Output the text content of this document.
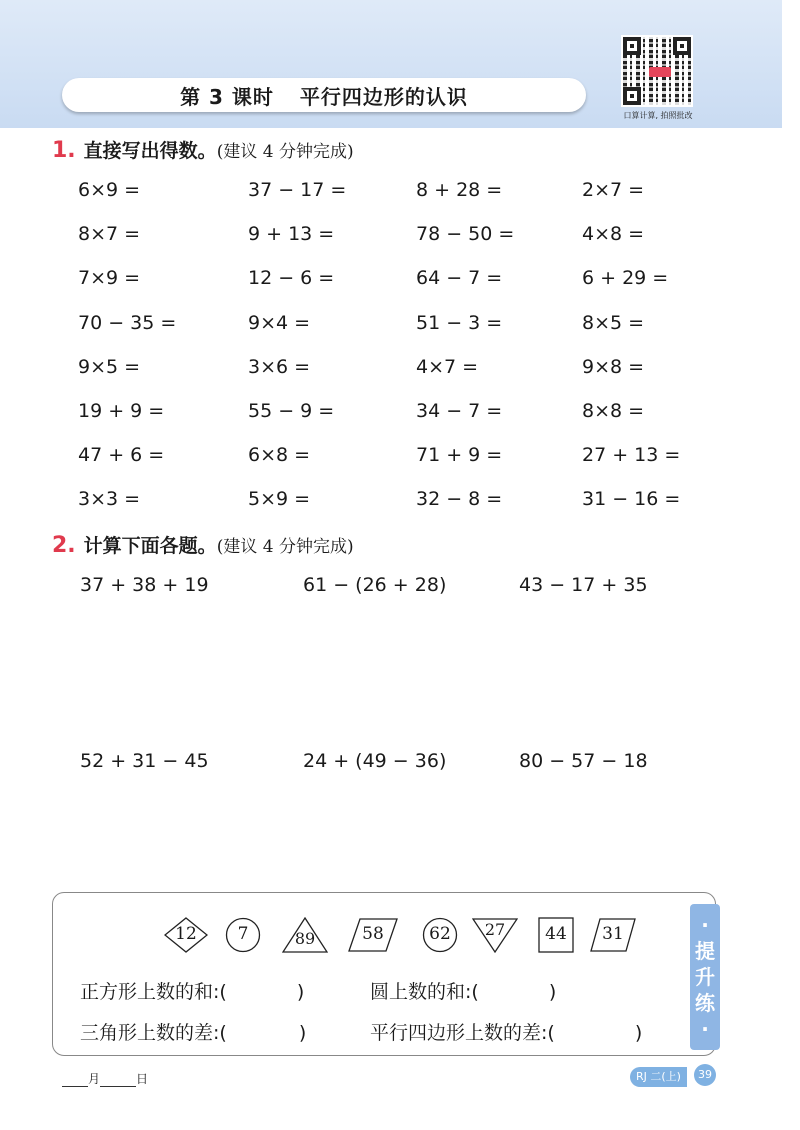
第 3 课时 平行四边形的认识
口算计算, 拍照批改
1. 直接写出得数。 (建议 4 分钟完成)
6×9 =	37 − 17 =	8 + 28 =	2×7 =
8×7 =	9 + 13 =	78 − 50 =	4×8 =
7×9 =	12 − 6 =	64 − 7 =	6 + 29 =
70 − 35 =	9×4 =	51 − 3 =	8×5 =
9×5 =	3×6 =	4×7 =	9×8 =
19 + 9 =	55 − 9 =	34 − 7 =	8×8 =
47 + 6 =	6×8 =	71 + 9 =	27 + 13 =
3×3 =	5×9 =	32 − 8 =	31 − 16 =
2. 计算下面各题。 (建议 4 分钟完成)
37 + 38 + 19	61 − (26 + 28)	43 − 17 + 35
52 + 31 − 45	24 + (49 − 36)	80 − 57 − 18
·
提
升
练
·
12	7	89	58	62	27	44	31
正方形上数的和:(	)	圆上数的和:(	)
三角形上数的差:(	)	平行四边形上数的差:(	)
月	日	RJ 二(上)	39
